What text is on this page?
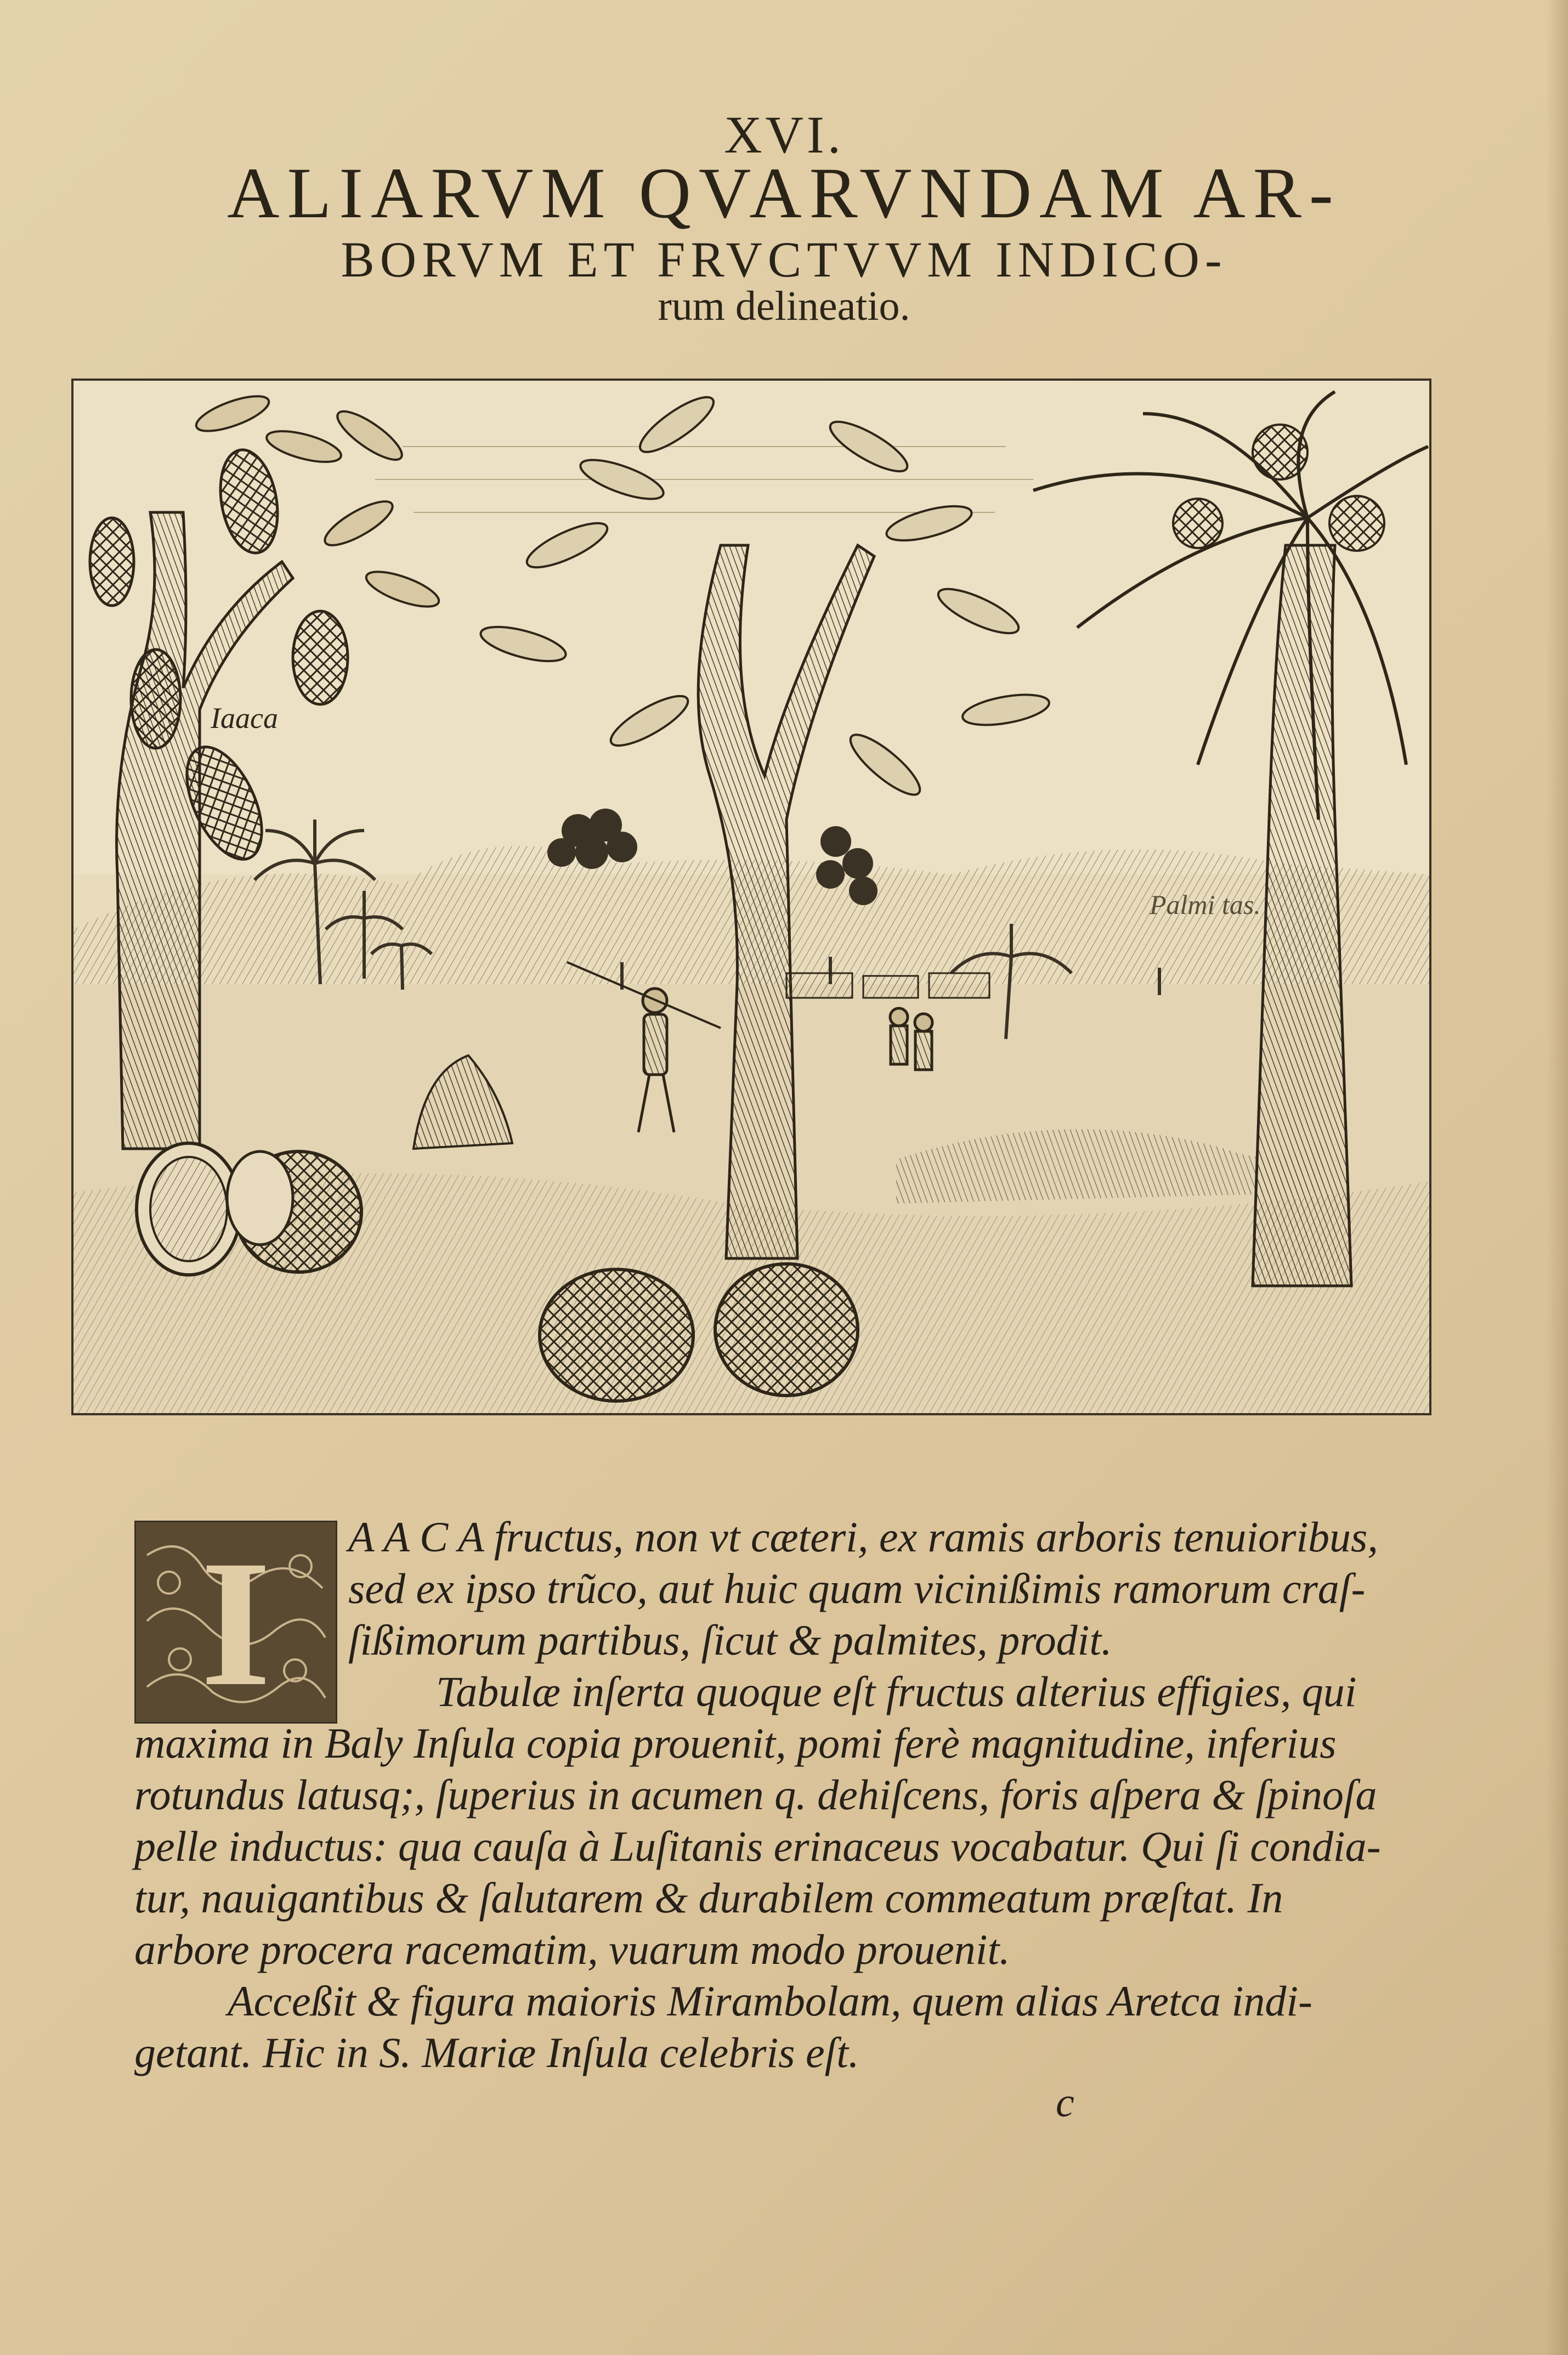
XVI.
ALIARVM QVARVNDAM AR-
BORVM ET FRVCTVVM INDICO-
rum delineatio.
Iaaca
Palmi tas.
I	A A C A fructus, non vt cæteri, ex ramis arboris tenuioribus,
sed ex ipso trũco, aut huic quam vicinißimis ramorum craſ-
ſißimorum partibus, ſicut & palmites, prodit.
Tabulæ inſerta quoque eſt fructus alterius effigies, qui
maxima in Baly Inſula copia prouenit, pomi ferè magnitudine, inferius
rotundus latusq;, ſuperius in acumen q. dehiſcens, foris aſpera & ſpinoſa
pelle inductus: qua cauſa à Luſitanis erinaceus vocabatur. Qui ſi condia-
tur, nauigantibus & ſalutarem & durabilem commeatum præſtat. In
arbore procera racematim, vuarum modo prouenit.
Acceßit & figura maioris Mirambolam, quem alias Aretca indi-
getant. Hic in S. Mariæ Inſula celebris eſt.
c
